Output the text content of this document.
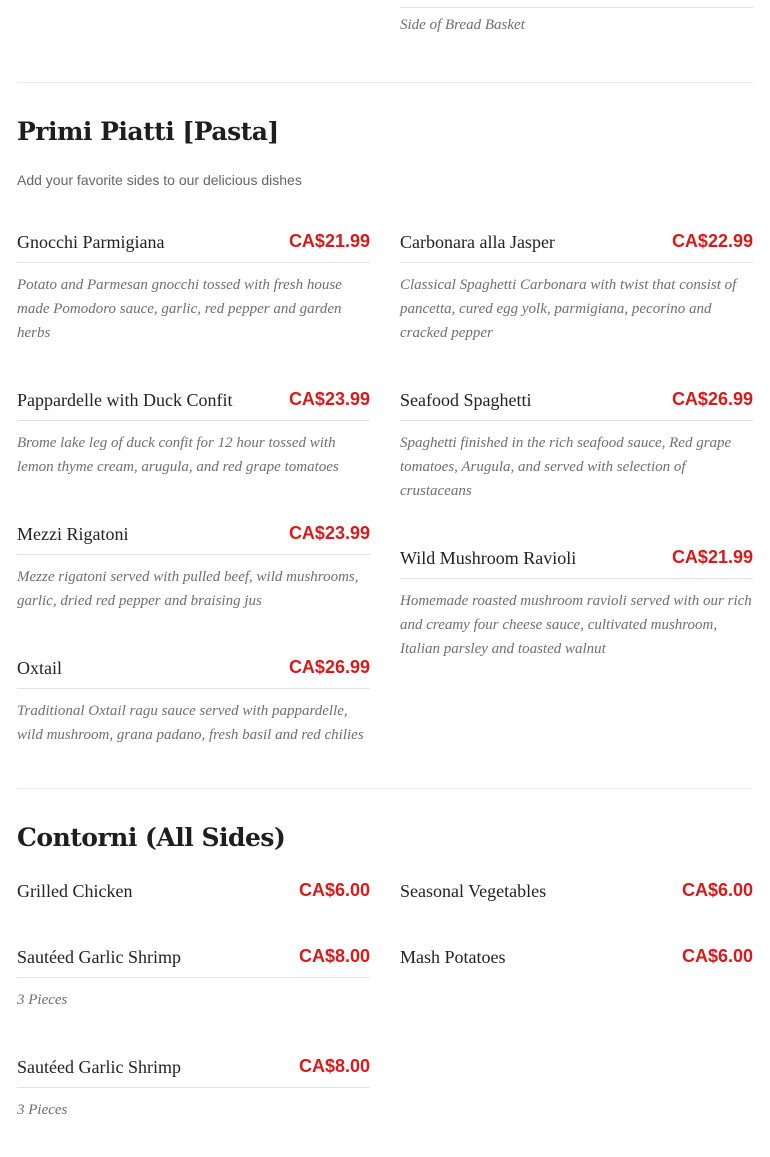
Side of Bread Basket
Primi Piatti [Pasta]
Add your favorite sides to our delicious dishes
Gnocchi Parmigiana	CA$21.99
Potato and Parmesan gnocchi tossed with fresh house made Pomodoro sauce, garlic, red pepper and garden herbs
Carbonara alla Jasper	CA$22.99
Classical Spaghetti Carbonara with twist that consist of pancetta, cured egg yolk, parmigiana, pecorino and cracked pepper
Pappardelle with Duck Confit	CA$23.99
Brome lake leg of duck confit for 12 hour tossed with lemon thyme cream, arugula, and red grape tomatoes
Seafood Spaghetti	CA$26.99
Spaghetti finished in the rich seafood sauce, Red grape tomatoes, Arugula, and served with selection of crustaceans
Mezzi Rigatoni	CA$23.99
Mezze rigatoni served with pulled beef, wild mushrooms, garlic, dried red pepper and braising jus
Wild Mushroom Ravioli	CA$21.99
Homemade roasted mushroom ravioli served with our rich and creamy four cheese sauce, cultivated mushroom, Italian parsley and toasted walnut
Oxtail	CA$26.99
Traditional Oxtail ragu sauce served with pappardelle, wild mushroom, grana padano, fresh basil and red chilies
Contorni (All Sides)
Grilled Chicken	CA$6.00 Seasonal Vegetables	CA$6.00
Sautéed Garlic Shrimp	CA$8.00
3 Pieces
Mash Potatoes	CA$6.00
Sautéed Garlic Shrimp	CA$8.00
3 Pieces
